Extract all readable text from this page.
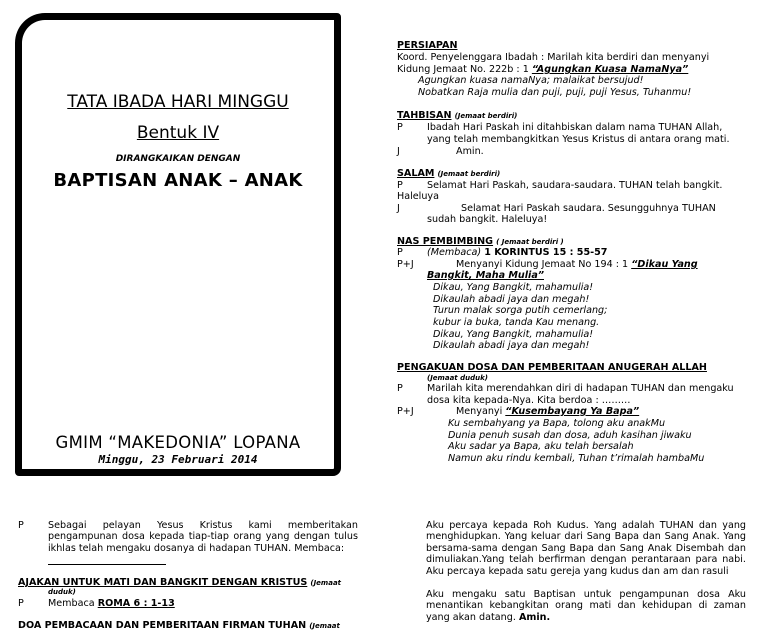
TATA IBADA HARI MINGGU
Bentuk IV
DIRANGKAIKAN DENGAN
BAPTISAN ANAK – ANAK
GMIM “MAKEDONIA” LOPANA
Minggu, 23 Februari 2014
PERSIAPAN
Koord. Penyelenggara Ibadah : Marilah kita berdiri dan menyanyi
Kidung Jemaat No. 222b : 1 “Agungkan Kuasa NamaNya”
Agungkan kuasa namaNya; malaikat bersujud!
Nobatkan Raja mulia dan puji, puji, puji Yesus, Tuhanmu!
TAHBISAN (Jemaat berdiri)
P	Ibadah Hari Paskah ini ditahbiskan dalam nama TUHAN Allah,
yang telah membangkitkan Yesus Kristus di antara orang mati.
J	Amin.
SALAM (Jemaat berdiri)
P	Selamat Hari Paskah, saudara-saudara. TUHAN telah bangkit.
Haleluya
J	Selamat Hari Paskah saudara. Sesungguhnya TUHAN
sudah bangkit. Haleluya!
NAS PEMBIMBING ( Jemaat berdiri )
P	(Membaca) 1 KORINTUS 15 : 55-57
P+J	Menyanyi Kidung Jemaat No 194 : 1 “Dikau Yang
Bangkit, Maha Mulia”
Dikau, Yang Bangkit, mahamulia!
Dikaulah abadi jaya dan megah!
Turun malak sorga putih cemerlang;
kubur ia buka, tanda Kau menang.
Dikau, Yang Bangkit, mahamulia!
Dikaulah abadi jaya dan megah!
PENGAKUAN DOSA DAN PEMBERITAAN ANUGERAH ALLAH
(Jemaat duduk)
P	Marilah kita merendahkan diri di hadapan TUHAN dan mengaku
dosa kita kepada-Nya. Kita berdoa : ………
P+J	Menyanyi “Kusembayang Ya Bapa”
Ku sembahyang ya Bapa, tolong aku anakMu
Dunia penuh susah dan dosa, aduh kasihan jiwaku
Aku sadar ya Bapa, aku telah bersalah
Namun aku rindu kembali, Tuhan t’rimalah hambaMu
P	Sebagai pelayan Yesus Kristus kami memberitakan pengampunan dosa kepada tiap-tiap orang yang dengan tulus ikhlas telah mengaku dosanya di hadapan TUHAN. Membaca:
AJAKAN UNTUK MATI DAN BANGKIT DENGAN KRISTUS (Jemaat
duduk)
P	Membaca ROMA 6 : 1-13
DOA PEMBACAAN DAN PEMBERITAAN FIRMAN TUHAN (Jemaat
Aku percaya kepada Roh Kudus. Yang adalah TUHAN dan yang menghidupkan. Yang keluar dari Sang Bapa dan Sang Anak. Yang bersama-sama dengan Sang Bapa dan Sang Anak Disembah dan dimuliakan.Yang telah berfirman dengan perantaraan para nabi. Aku percaya kepada satu gereja yang kudus dan am dan rasuli
Aku mengaku satu Baptisan untuk pengampunan dosa Aku menantikan kebangkitan orang mati dan kehidupan di zaman yang akan datang. Amin.
